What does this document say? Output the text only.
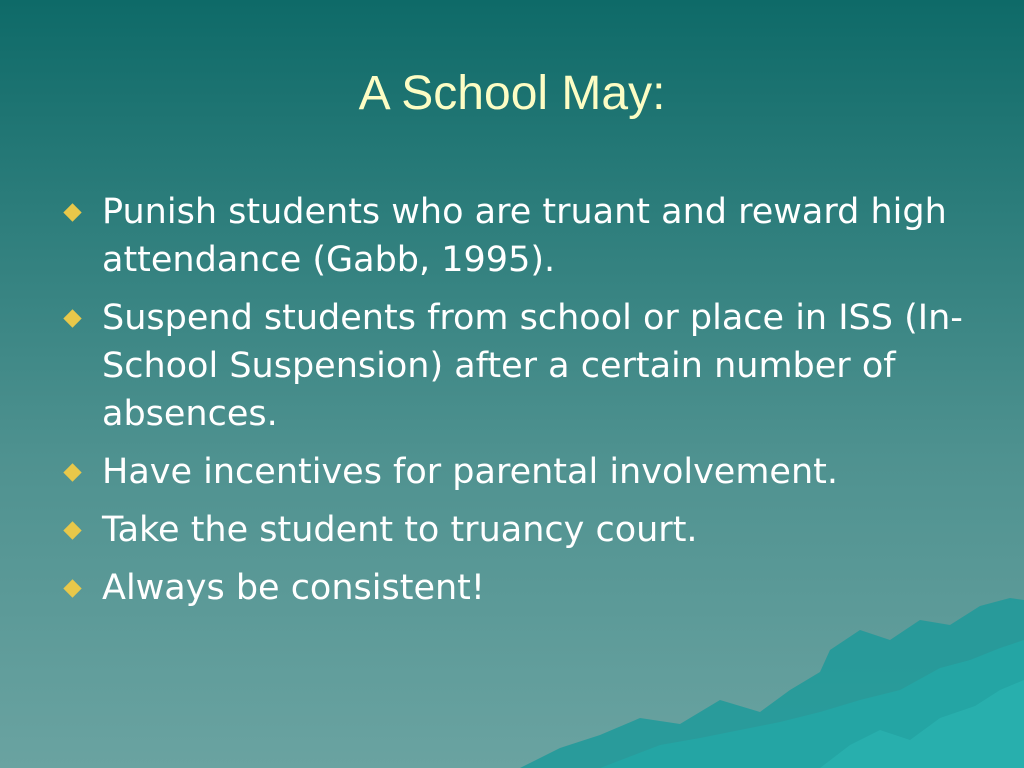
A School May:
Punish students who are truant and reward high attendance (Gabb, 1995).
Suspend students from school or place in ISS (In-School Suspension) after a certain number of absences.
Have incentives for parental involvement.
Take the student to truancy court.
Always be consistent!
